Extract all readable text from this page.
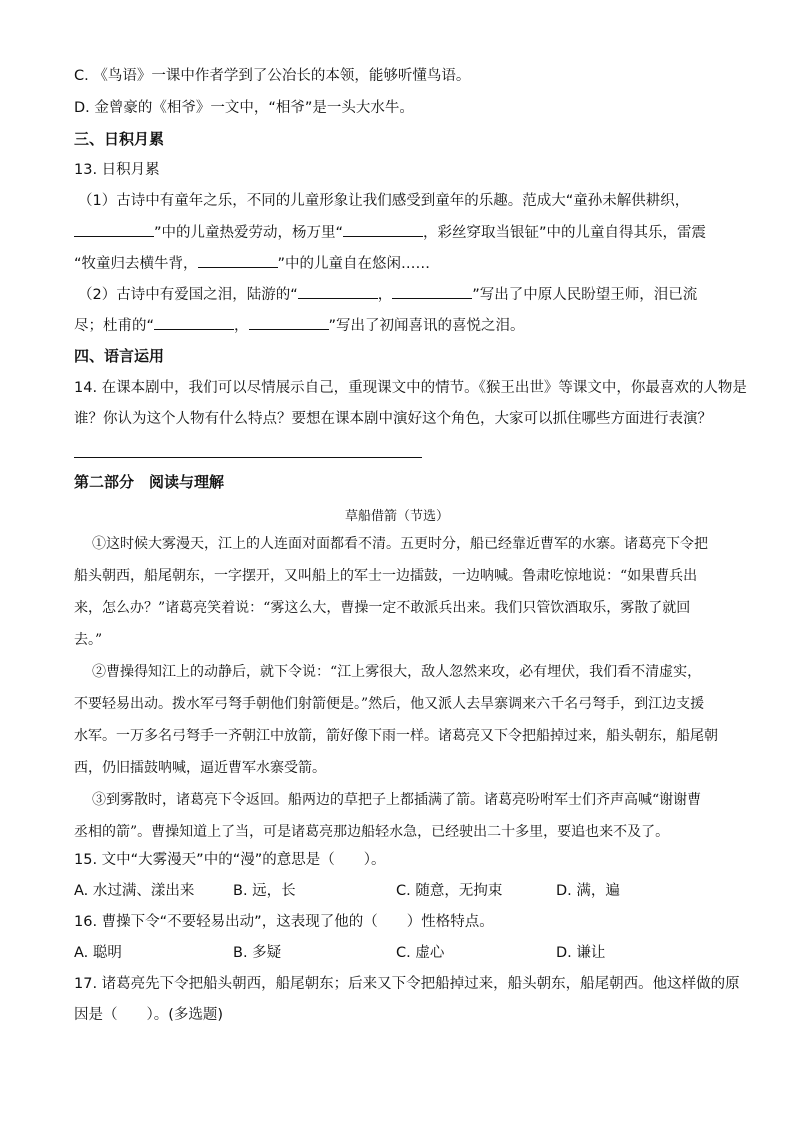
C. 《鸟语》一课中作者学到了公冶长的本领，能够听懂鸟语。
D. 金曾豪的《相爷》一文中，“相爷”是一头大水牛。
三、日积月累
13. 日积月累
（1）古诗中有童年之乐，不同的儿童形象让我们感受到童年的乐趣。范成大“童孙未解供耕织，
”中的儿童热爱劳动，杨万里“	，彩丝穿取当银钲”中的儿童自得其乐，雷震
“牧童归去横牛背，	”中的儿童自在悠闲……
（2）古诗中有爱国之泪，陆游的“	，	”写出了中原人民盼望王师，泪已流
尽；杜甫的“	，	”写出了初闻喜讯的喜悦之泪。
四、语言运用
14. 在课本剧中，我们可以尽情展示自己，重现课文中的情节。《猴王出世》等课文中，你最喜欢的人物是
谁？你认为这个人物有什么特点？要想在课本剧中演好这个角色，大家可以抓住哪些方面进行表演？
第二部分　阅读与理解
草船借箭（节选）
①这时候大雾漫天，江上的人连面对面都看不清。五更时分，船已经靠近曹军的水寨。诸葛亮下令把
船头朝西，船尾朝东，一字摆开，又叫船上的军士一边擂鼓，一边呐喊。鲁肃吃惊地说：“如果曹兵出
来，怎么办？”诸葛亮笑着说：“雾这么大，曹操一定不敢派兵出来。我们只管饮酒取乐，雾散了就回
去。”
②曹操得知江上的动静后，就下令说：“江上雾很大，敌人忽然来攻，必有埋伏，我们看不清虚实，
不要轻易出动。拨水军弓弩手朝他们射箭便是。”然后，他又派人去旱寨调来六千名弓弩手，到江边支援
水军。一万多名弓弩手一齐朝江中放箭，箭好像下雨一样。诸葛亮又下令把船掉过来，船头朝东，船尾朝
西，仍旧擂鼓呐喊，逼近曹军水寨受箭。
③到雾散时，诸葛亮下令返回。船两边的草把子上都插满了箭。诸葛亮吩咐军士们齐声高喊“谢谢曹
丞相的箭”。曹操知道上了当，可是诸葛亮那边船轻水急，已经驶出二十多里，要追也来不及了。
15. 文中“大雾漫天”中的“漫”的意思是（　　）。
A. 水过满、漾出来	B. 远，长	C. 随意，无拘束	D. 满，遍
16. 曹操下令“不要轻易出动”，这表现了他的（　　）性格特点。
A. 聪明	B. 多疑	C. 虚心	D. 谦让
17. 诸葛亮先下令把船头朝西，船尾朝东；后来又下令把船掉过来，船头朝东，船尾朝西。他这样做的原
因是（　　）。(多选题)
